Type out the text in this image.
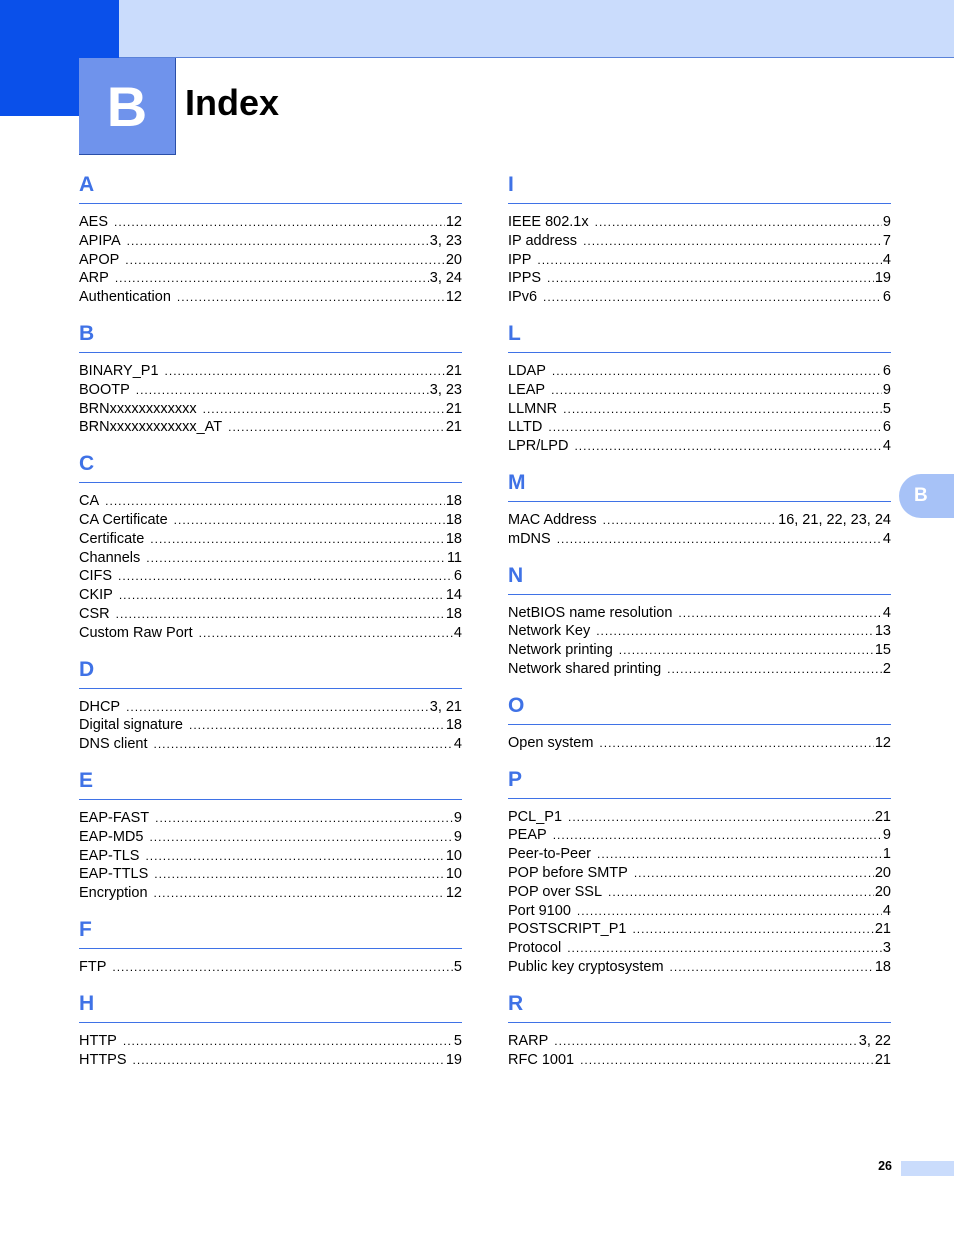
B	Index
A
AES .....	12
APIPA .....	3, 23
APOP .....	20
ARP .....	3, 24
Authentication .....	12
B
BINARY_P1 .....	21
BOOTP .....	3, 23
BRNxxxxxxxxxxxx .....	21
BRNxxxxxxxxxxxx_AT .....	21
C
CA .....	18
CA Certificate .....	18
Certificate .....	18
Channels .....	11
CIFS .....	6
CKIP .....	14
CSR .....	18
Custom Raw Port .....	4
D
DHCP .....	3, 21
Digital signature .....	18
DNS client .....	4
E
EAP-FAST .....	9
EAP-MD5 .....	9
EAP-TLS .....	10
EAP-TTLS .....	10
Encryption .....	12
F
FTP .....	5
H
HTTP .....	5
HTTPS .....	19
I
IEEE 802.1x .....	9
IP address .....	7
IPP .....	4
IPPS .....	19
IPv6 .....	6
L
LDAP .....	6
LEAP .....	9
LLMNR .....	5
LLTD .....	6
LPR/LPD .....	4
M
MAC Address .....	16, 21, 22, 23, 24
mDNS .....	4
N
NetBIOS name resolution .....	4
Network Key .....	13
Network printing .....	15
Network shared printing .....	2
O
Open system .....	12
P
PCL_P1 .....	21
PEAP .....	9
Peer-to-Peer .....	1
POP before SMTP .....	20
POP over SSL .....	20
Port 9100 .....	4
POSTSCRIPT_P1 .....	21
Protocol .....	3
Public key cryptosystem .....	18
R
RARP .....	3, 22
RFC 1001 .....	21
B
26
